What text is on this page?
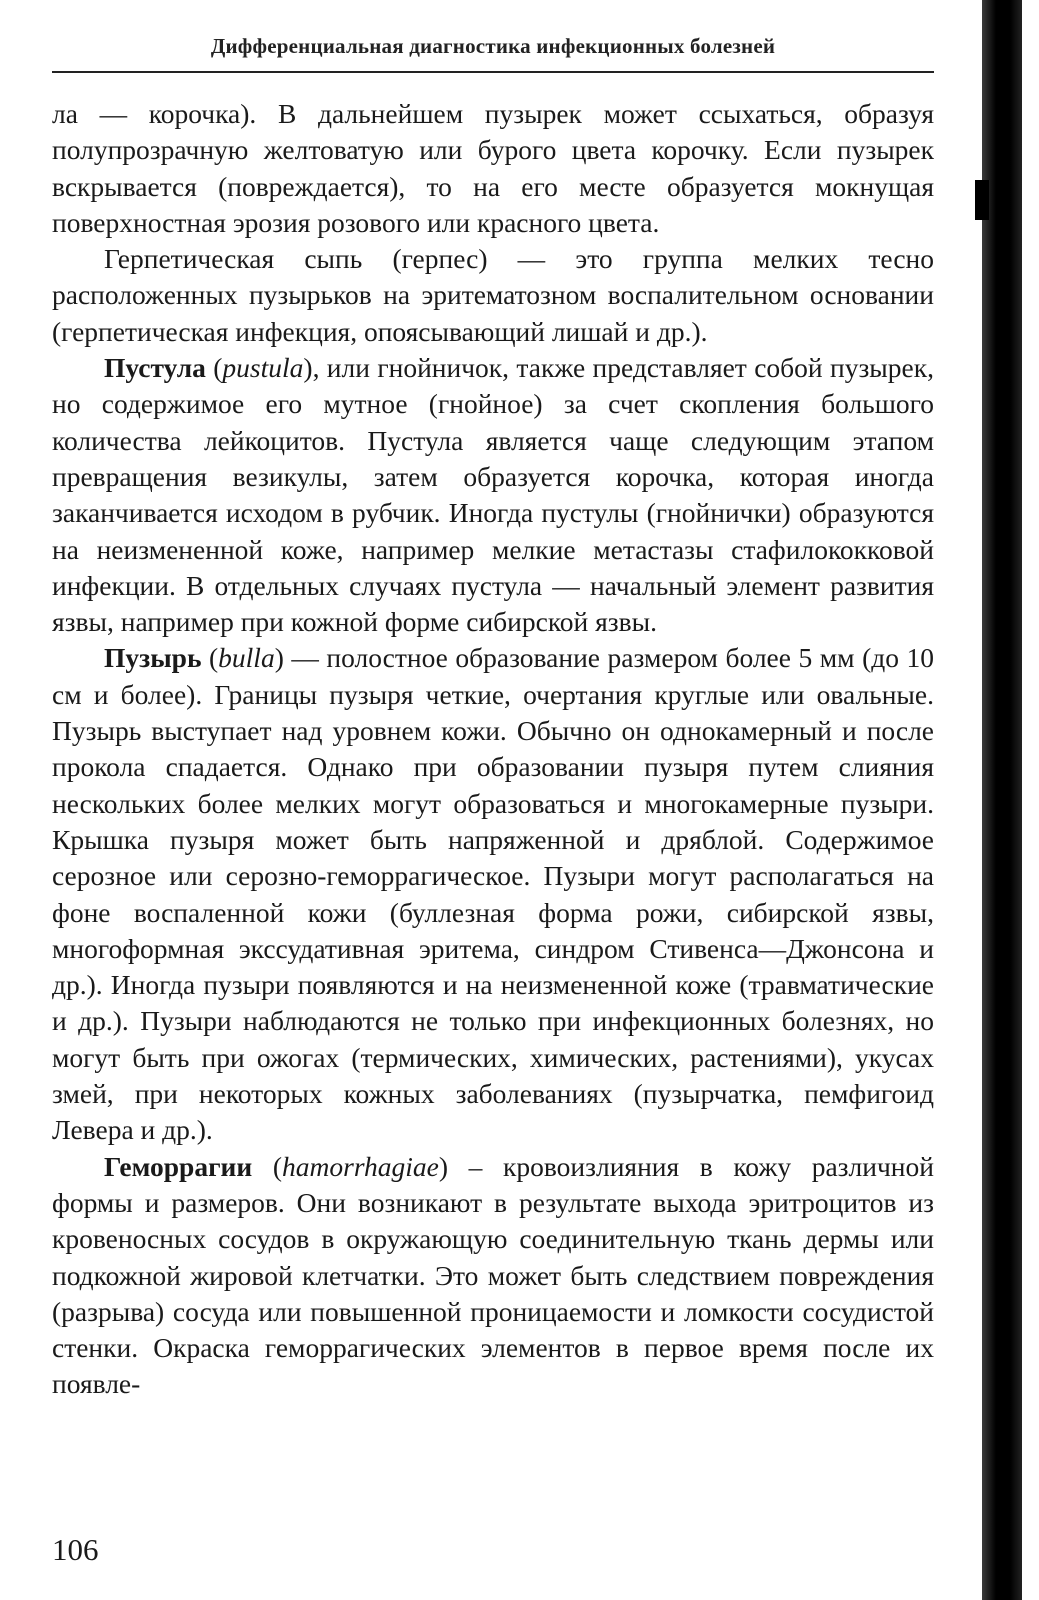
Дифференциальная диагностика инфекционных болезней

ла — корочка). В дальнейшем пузырек может ссыхаться, образуя полупрозрачную желтоватую или бурого цвета корочку. Если пузырек вскрывается (повреждается), то на его месте образуется мокнущая поверхностная эрозия розового или красного цвета.

Герпетическая сыпь (герпес) — это группа мелких тесно расположенных пузырьков на эритематозном воспалительном основании (герпетическая инфекция, опоясывающий лишай и др.).

Пустула (pustula), или гнойничок, также представляет собой пузырек, но содержимое его мутное (гнойное) за счет скопления большого количества лейкоцитов. Пустула является чаще следующим этапом превращения везикулы, затем образуется корочка, которая иногда заканчивается исходом в рубчик. Иногда пустулы (гнойнички) образуются на неизмененной коже, например мелкие метастазы стафилококковой инфекции. В отдельных случаях пустула — начальный элемент развития язвы, например при кожной форме сибирской язвы.

Пузырь (bulla) — полостное образование размером более 5 мм (до 10 см и более). Границы пузыря четкие, очертания круглые или овальные. Пузырь выступает над уровнем кожи. Обычно он однокамерный и после прокола спадается. Однако при образовании пузыря путем слияния нескольких более мелких могут образоваться и многокамерные пузыри. Крышка пузыря может быть напряженной и дряблой. Содержимое серозное или серозно-геморрагическое. Пузыри могут располагаться на фоне воспаленной кожи (буллезная форма рожи, сибирской язвы, многоформная экссудативная эритема, синдром Стивенса—Джонсона и др.). Иногда пузыри появляются и на неизмененной коже (травматические и др.). Пузыри наблюдаются не только при инфекционных болезнях, но могут быть при ожогах (термических, химических, растениями), укусах змей, при некоторых кожных заболеваниях (пузырчатка, пемфигоид Левера и др.).

Геморрагии (hamorrhagiae) – кровоизлияния в кожу различной формы и размеров. Они возникают в результате выхода эритроцитов из кровеносных сосудов в окружающую соединительную ткань дермы или подкожной жировой клетчатки. Это может быть следствием повреждения (разрыва) сосуда или повышенной проницаемости и ломкости сосудистой стенки. Окраска геморрагических элементов в первое время после их появле-

106
